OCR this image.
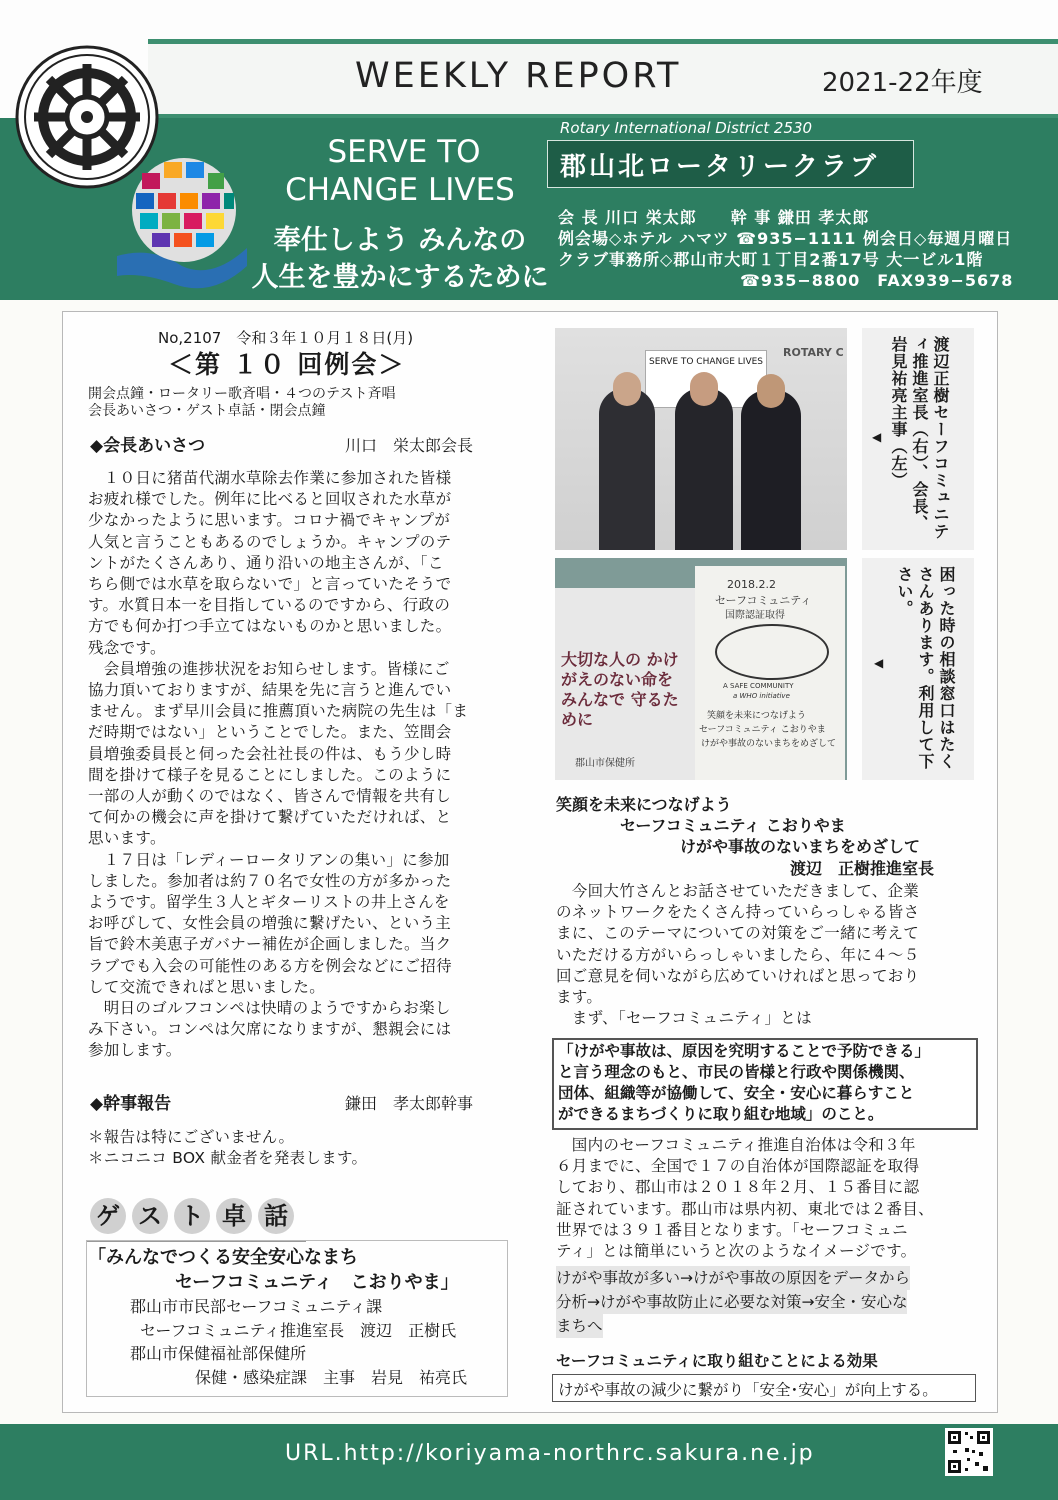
WEEKLY REPORT	2021-22年度
SERVE TO
CHANGE LIVES
奉仕しよう みんなの
人生を豊かにするために
Rotary International District 2530
郡山北ロータリークラブ
会 長 川口 栄太郎　　幹 事 鎌田 孝太郎
例会場◇ホテル ハマツ ☎935−1111 例会日◇毎週月曜日
クラブ事務所◇郡山市大町１丁目2番17号 大一ビル1階
☎935−8800　FAX939−5678
No,2107　令和３年１０月１８日(月)
＜第 １０ 回例会＞
開会点鐘・ロータリー歌斉唱・４つのテスト斉唱
会長あいさつ・ゲスト卓話・閉会点鐘
◆会長あいさつ	川口　栄太郎会長
　１０日に猪苗代湖水草除去作業に参加された皆様
お疲れ様でした。例年に比べると回収された水草が
少なかったように思います。コロナ禍でキャンプが
人気と言うこともあるのでしょうか。キャンプのテ
ントがたくさんあり、通り沿いの地主さんが、「こ
ちら側では水草を取らないで」と言っていたそうで
す。水質日本一を目指しているのですから、行政の
方でも何か打つ手立てはないものかと思いました。
残念です。
　会員増強の進捗状況をお知らせします。皆様にご
協力頂いておりますが、結果を先に言うと進んでい
ません。まず早川会員に推薦頂いた病院の先生は「ま
だ時期ではない」ということでした。また、笠間会
員増強委員長と伺った会社社長の件は、もう少し時
間を掛けて様子を見ることにしました。このように
一部の人が動くのではなく、皆さんで情報を共有し
て何かの機会に声を掛けて繋げていただければ、と
思います。
　１７日は「レディーロータリアンの集い」に参加
しました。参加者は約７０名で女性の方が多かった
ようです。留学生３人とギターリストの井上さんを
お呼びして、女性会員の増強に繋げたい、という主
旨で鈴木美恵子ガバナー補佐が企画しました。当ク
ラブでも入会の可能性のある方を例会などにご招待
して交流できればと思いました。
　明日のゴルフコンペは快晴のようですからお楽し
み下さい。コンペは欠席になりますが、懇親会には
参加します。
◆幹事報告	鎌田　孝太郎幹事
＊報告は特にございません。
＊ニコニコ BOX 献金者を発表します。
ゲ ス ト 卓 話
「みんなでつくる安全安心なまち
セーフコミュニティ　こおりやま」
郡山市市民部セーフコミュニティ課
セーフコミュニティ推進室長　渡辺　正樹氏
郡山市保健福祉部保健所
保健・感染症課　主事　岩見　祐亮氏
SERVE TO CHANGE LIVES
ROTARY C
大切な人の かけがえのない命を みんなで 守るために
郡山市保健所
2018.2.2
セーフコミュニティ
国際認証取得
A SAFE COMMUNITY
a WHO initiative
笑顔を未来につなげよう
セーフコミュニティ こおりやま
けがや事故のないまちをめざして
渡辺正樹セーフコミュニティ推進室長（右）、会長、岩見祐亮主事（左）
◀
困った時の相談窓口はたくさんあります。利用して下さい。
◀
笑顔を未来につなげよう
セーフコミュニティ こおりやま
けがや事故のないまちをめざして
渡辺　正樹推進室長
　今回大竹さんとお話させていただきまして、企業
のネットワークをたくさん持っていらっしゃる皆さ
まに、このテーマについての対策をご一緒に考えて
いただける方がいらっしゃいましたら、年に４～５
回ご意見を伺いながら広めていければと思っており
ます。
　まず、「セーフコミュニティ」とは
「けがや事故は、原因を究明することで予防できる」
と言う理念のもと、市民の皆様と行政や関係機関、
団体、組織等が協働して、安全・安心に暮らすこと
ができるまちづくりに取り組む地域」のこと。
　国内のセーフコミュニティ推進自治体は令和３年
６月までに、全国で１７の自治体が国際認証を取得
しており、郡山市は２０１８年２月、１５番目に認
証されています。郡山市は県内初、東北では２番目、
世界では３９１番目となります。「セーフコミュニ
ティ」とは簡単にいうと次のようなイメージです。
けがや事故が多い→けがや事故の原因をデータから
分析→けがや事故防止に必要な対策→安全・安心な
まちへ
セーフコミュニティに取り組むことによる効果
けがや事故の減少に繋がり「安全･安心」が向上する。
URL.http://koriyama-northrc.sakura.ne.jp
